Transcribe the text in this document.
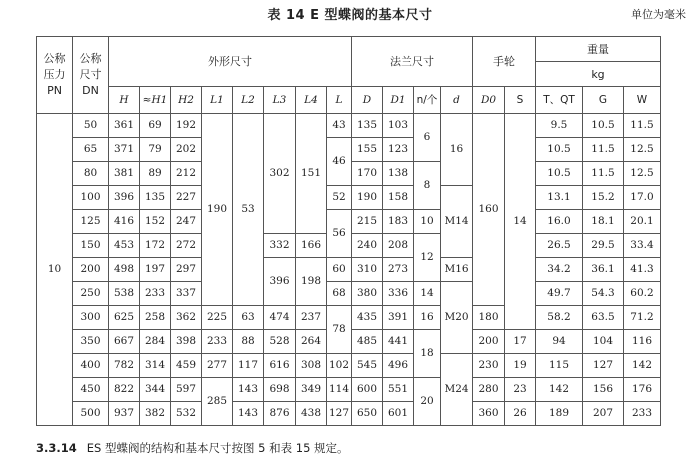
表 14 E 型蝶阀的基本尺寸	单位为毫米
公称压力PN	公称尺寸DN	外形尺寸								法兰尺寸				手轮		重量		
																kg		
		H	≈H1	H2	L1	L2	L3	L4	L	D	D1	n/个	d	D0	S	T、QT	G	W
10	50	361	69	192	190	53	302	151	43	135	103	6	16	160	14	9.5	10.5	11.5
	65	371	79	202					46	155	123					10.5	11.5	12.5
	80	381	89	212						170	138	8				10.5	11.5	12.5
	100	396	135	227					52	190	158		M14			13.1	15.2	17.0
	125	416	152	247					56	215	183	10				16.0	18.1	20.1
	150	453	172	272			332	166		240	208	12				26.5	29.5	33.4
	200	498	197	297			396	198	60	310	273		M16			34.2	36.1	41.3
	250	538	233	337					68	380	336	14	M20			49.7	54.3	60.2
	300	625	258	362	225	63	474	237	78	435	391	16		180		58.2	63.5	71.2
	350	667	284	398	233	88	528	264		485	441	18		200	17	94	104	116
	400	782	314	459	277	117	616	308	102	545	496		M24	230	19	115	127	142
	450	822	344	597	285	143	698	349	114	600	551	20		280	23	142	156	176
	500	937	382	532		143	876	438	127	650	601			360	26	189	207	233
3.3.14 ES 型蝶阀的结构和基本尺寸按图 5 和表 15 规定。
